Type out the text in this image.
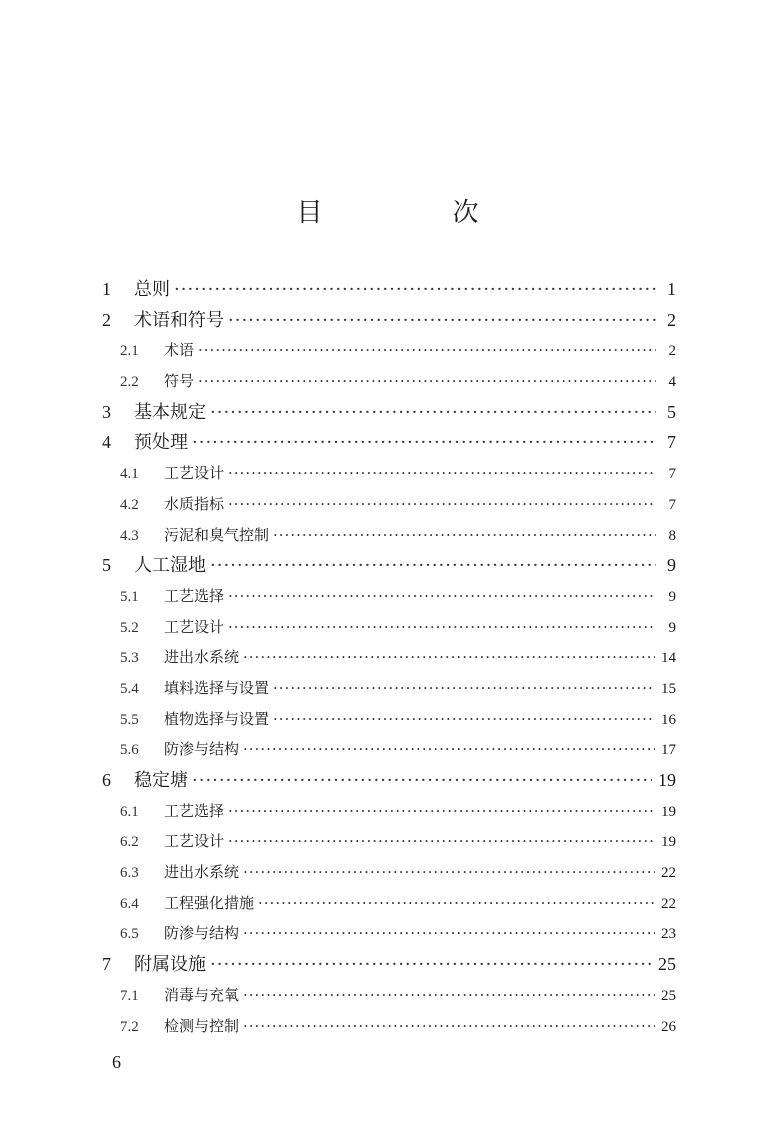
目　次
1	总则 ·····	1
2	术语和符号 ·····	2
2.1	术语 ·····	2
2.2	符号 ·····	4
3	基本规定 ·····	5
4	预处理 ·····	7
4.1	工艺设计 ·····	7
4.2	水质指标 ·····	7
4.3	污泥和臭气控制 ·····	8
5	人工湿地 ·····	9
5.1	工艺选择 ·····	9
5.2	工艺设计 ·····	9
5.3	进出水系统 ·····	14
5.4	填料选择与设置 ·····	15
5.5	植物选择与设置 ·····	16
5.6	防渗与结构 ·····	17
6	稳定塘 ·····	19
6.1	工艺选择 ·····	19
6.2	工艺设计 ·····	19
6.3	进出水系统 ·····	22
6.4	工程强化措施 ·····	22
6.5	防渗与结构 ·····	23
7	附属设施 ·····	25
7.1	消毒与充氧 ·····	25
7.2	检测与控制 ·····	26
6
